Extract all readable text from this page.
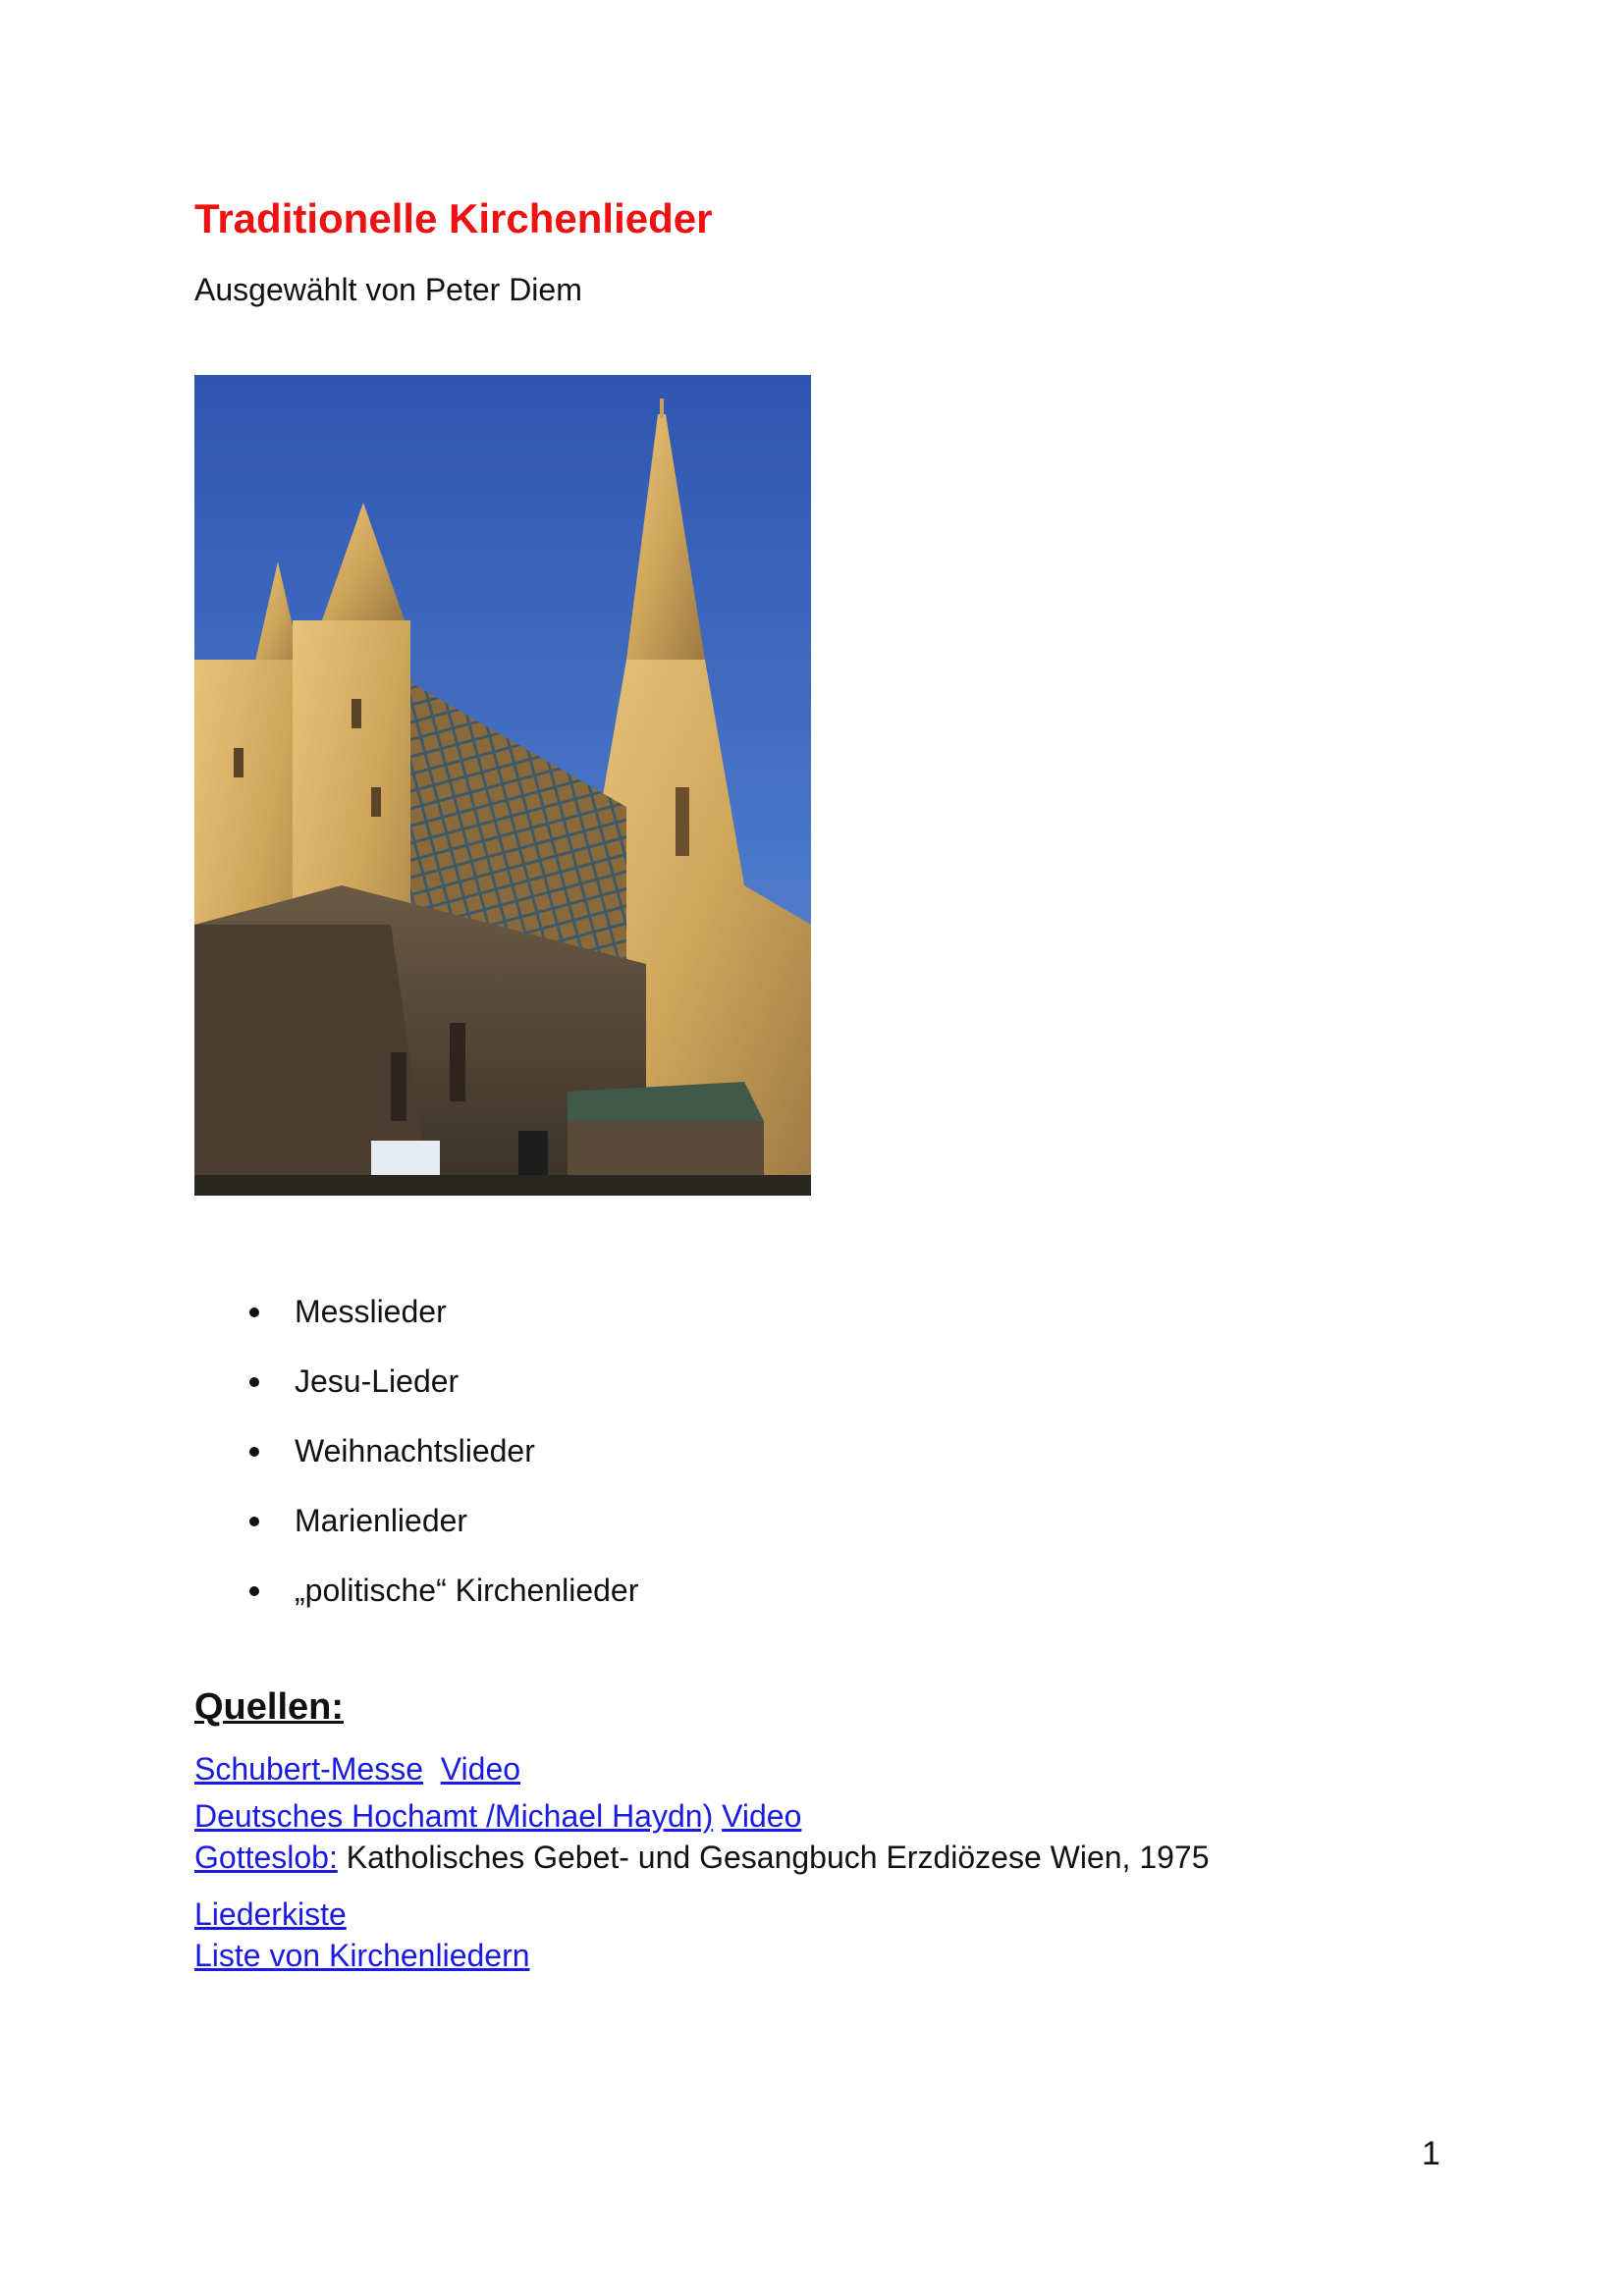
Traditionelle Kirchenlieder
Ausgewählt von Peter Diem
Messlieder
Jesu-Lieder
Weihnachtslieder
Marienlieder
„politische“ Kirchenlieder
Quellen:
Schubert-Messe Video
Deutsches Hochamt /Michael Haydn) Video
Gotteslob: Katholisches Gebet- und Gesangbuch Erzdiözese Wien, 1975
Liederkiste
Liste von Kirchenliedern
1
